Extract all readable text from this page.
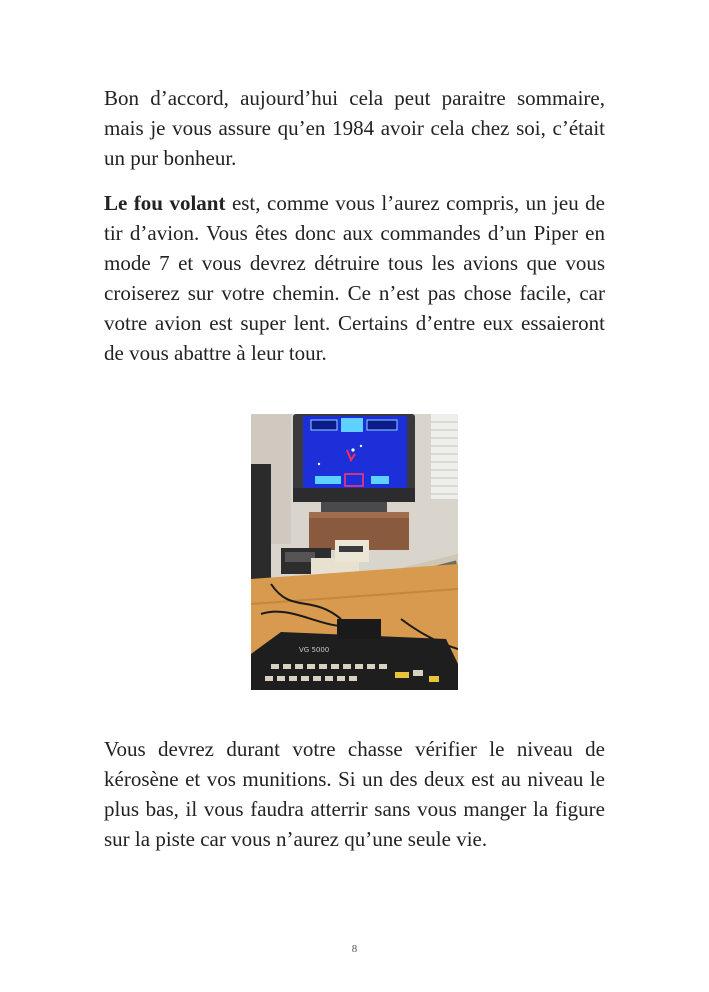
Bon d’accord, aujourd’hui cela peut paraitre sommaire, mais je vous assure qu’en 1984 avoir cela chez soi, c’était un pur bonheur.

Le fou volant est, comme vous l’aurez compris, un jeu de tir d’avion. Vous êtes donc aux commandes d’un Piper en mode 7 et vous devrez détruire tous les avions que vous croiserez sur votre chemin. Ce n’est pas chose facile, car votre avion est super lent. Certains d’entre eux essaieront de vous abattre à leur tour.

VG 5000

Vous devrez durant votre chasse vérifier le niveau de kérosène et vos munitions. Si un des deux est au niveau le plus bas, il vous faudra atterrir sans vous manger la figure sur la piste car vous n’aurez qu’une seule vie.

8
